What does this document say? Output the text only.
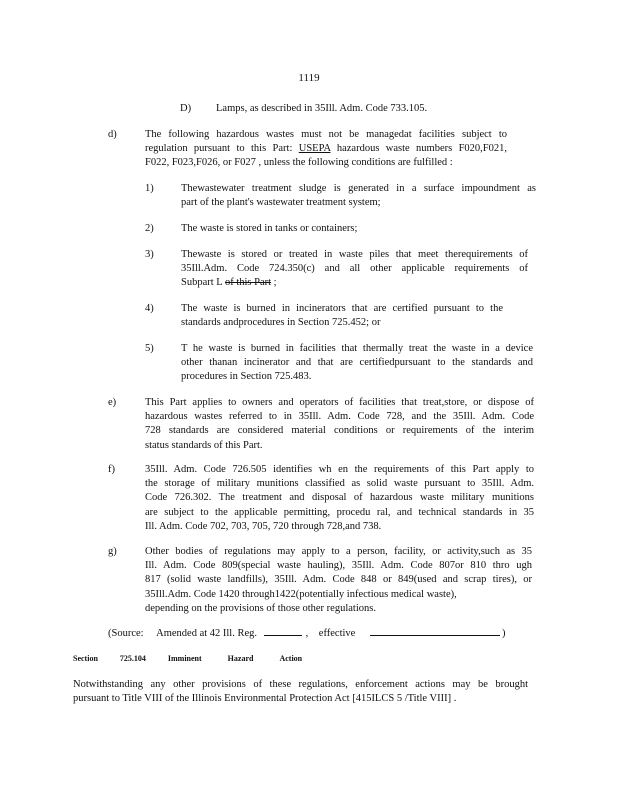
1119
D) Lamps, as described in 35Ill. Adm. Code 733.105.
d)	The following hazardous wastes must not be managedat facilities subject to
regulation pursuant to this Part: USEPA hazardous waste numbers F020,F021,
F022, F023,F026, or F027 , unless the following conditions are fulfilled :
1)	Thewastewater treatment sludge is generated in a surface impoundment as
part of the plant's wastewater treatment system;
2)	The waste is stored in tanks or containers;
3)	Thewaste is stored or treated in waste piles that meet therequirements of
35Ill.Adm. Code 724.350(c) and all other applicable requirements of
Subpart L of this Part ;
4)	The waste is burned in incinerators that are certified pursuant to the
standards andprocedures in Section 725.452; or
5)	T he waste is burned in facilities that thermally treat the waste in a device
other thanan incinerator and that are certifiedpursuant to the standards and
procedures in Section 725.483.
e)	This Part applies to owners and operators of facilities that treat,store, or dispose of
hazardous wastes referred to in 35Ill. Adm. Code 728, and the 35Ill. Adm. Code
728 standards are considered material conditions or requirements of the interim
status standards of this Part.
f)	35Ill. Adm. Code 726.505 identifies wh en the requirements of this Part apply to
the storage of military munitions classified as solid waste pursuant to 35Ill. Adm.
Code 726.302. The treatment and disposal of hazardous waste military munitions
are subject to the applicable permitting, procedu ral, and technical standards in 35
Ill. Adm. Code 702, 703, 705, 720 through 728,and 738.
g)	Other bodies of regulations may apply to a person, facility, or activity,such as 35
Ill. Adm. Code 809(special waste hauling), 35Ill. Adm. Code 807or 810 thro ugh
817 (solid waste landfills), 35Ill. Adm. Code 848 or 849(used and scrap tires), or
35Ill.Adm. Code 1420 through1422(potentially infectious medical waste),
depending on the provisions of those other regulations.
(Source: Amended at 42 Ill. Reg.	,    effective	)
Section	725.104	Imminent	Hazard	Action
Notwithstanding any other provisions of these regulations, enforcement actions may be brought
pursuant to Title VIII of the Illinois Environmental Protection Act [415ILCS 5 /Title VIII] .
